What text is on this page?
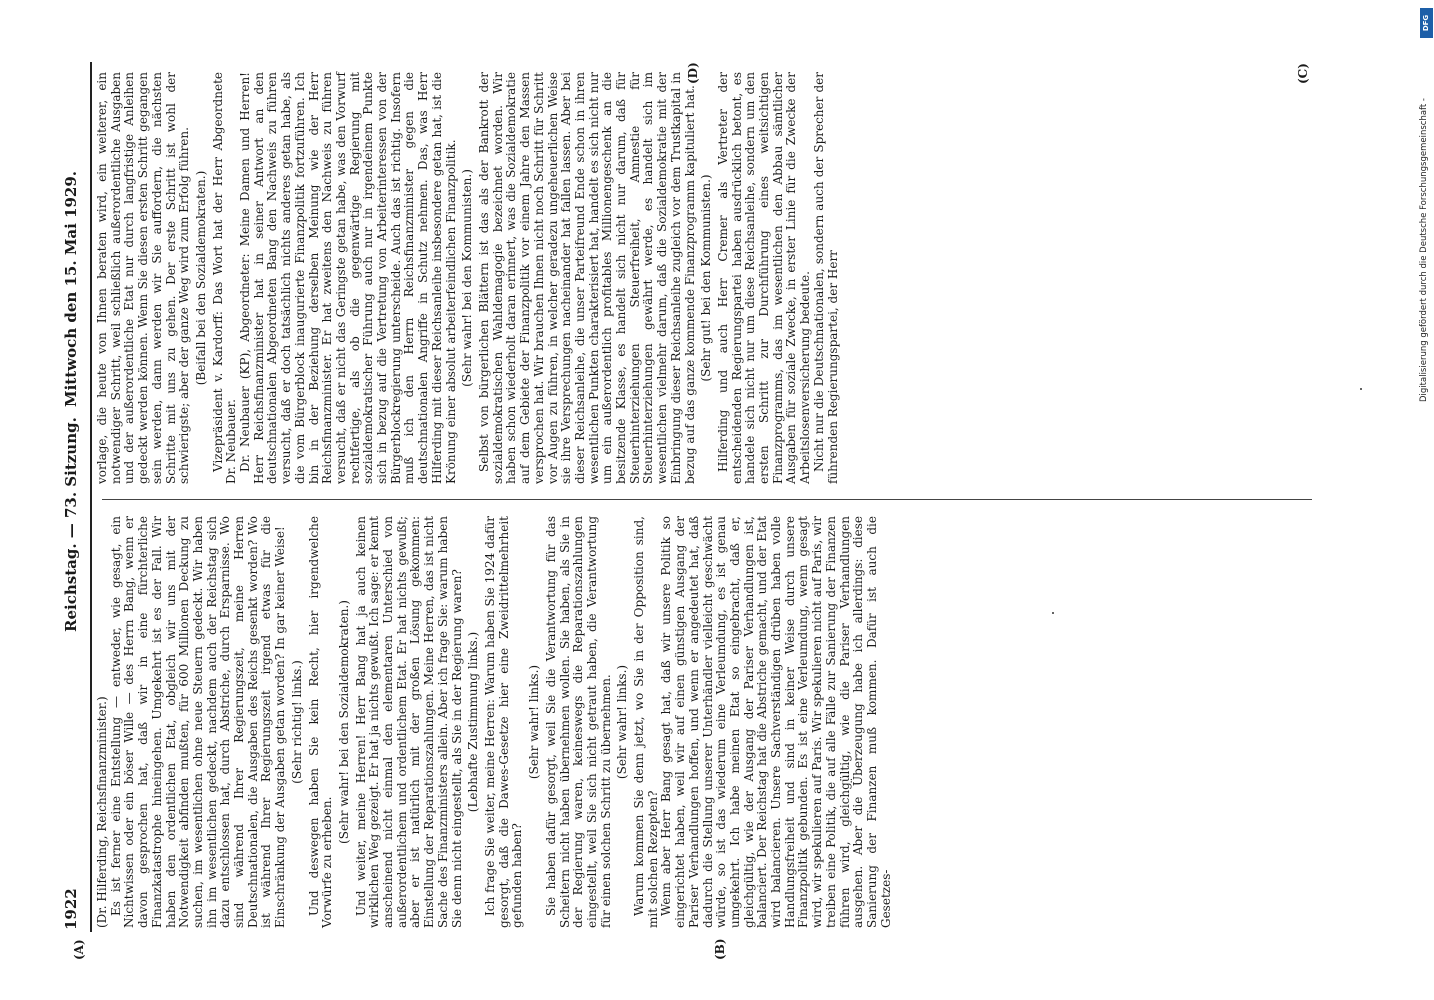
1922
Reichstag. — 73. Sitzung.
Mittwoch den 15. Mai 1929.

(Dr. Hilferding, Reichsfinanzminister.) Es ist ferner eine Entstellung — entweder, wie gesagt, ein Nichtwissen oder ein böser Wille — des Herrn Bang, wenn er davon gesprochen hat, daß wir in eine fürchterliche Finanzkatastrophe hineingehen. Umgekehrt ist es der Fall. Wir haben den ordentlichen Etat, obgleich wir uns mit der Notwendigkeit abfinden mußten, für 600 Millionen Deckung zu suchen, im wesentlichen ohne neue Steuern gedeckt. Wir haben ihn im wesentlichen gedeckt, nachdem auch der Reichstag sich dazu entschlossen hat, durch Abstriche, durch Ersparnisse. Wo sind während Ihrer Regierungszeit, meine Herren Deutschnationalen, die Ausgaben des Reichs gesenkt worden? Wo ist während Ihrer Regierungszeit irgend etwas für die Einschränkung der Ausgaben getan worden? In gar keiner Weise! (Sehr richtig! links.) Und deswegen haben Sie kein Recht, hier irgendwelche Vorwürfe zu erheben.

(Sehr wahr! bei den Sozialdemokraten.) Und weiter, meine Herren! Herr Bang hat ja auch keinen wirklichen Weg gezeigt. Er hat ja nichts gewußt. Ich sage: er kennt anscheinend nicht einmal den elementaren Unterschied von außerordentlichem und ordentlichem Etat. Er hat nichts gewußt; aber er ist natürlich mit der großen Lösung gekommen: Einstellung der Reparationszahlungen. Meine Herren, das ist nicht Sache des Finanzministers allein. Aber ich frage Sie: warum haben Sie denn nicht eingestellt, als Sie in der Regierung waren? (Lebhafte Zustimmung links.) Ich frage Sie weiter, meine Herren: Warum haben Sie 1924 dafür gesorgt, daß die Dawes-Gesetze hier eine Zweidrittelmehrheit gefunden haben?

(Sehr wahr! links.) Sie haben dafür gesorgt, weil Sie die Verantwortung für das Scheitern nicht haben übernehmen wollen. Sie haben, als Sie in der Regierung waren, keineswegs die Reparationszahlungen eingestellt, weil Sie sich nicht getraut haben, die Verantwortung für einen solchen Schritt zu übernehmen. (Sehr wahr! links.) Warum kommen Sie denn jetzt, wo Sie in der Opposition sind, mit solchen Rezepten? Wenn aber Herr Bang gesagt hat, daß wir unsere Politik so eingerichtet haben, weil wir auf einen günstigen Ausgang der Pariser Verhandlungen hoffen, und wenn er angedeutet hat, daß dadurch die Stellung unserer Unterhändler vielleicht geschwächt würde, so ist das wiederum eine Verleumdung, es ist genau umgekehrt. Ich habe meinen Etat so eingebracht, daß er, gleichgültig, wie der Ausgang der Pariser Verhandlungen ist, balanciert. Der Reichstag hat die Abstriche gemacht, und der Etat wird balancieren. Unsere Sachverständigen drüben haben volle Handlungsfreiheit und sind in keiner Weise durch unsere Finanzpolitik gebunden. Es ist eine Verleumdung, wenn gesagt wird, wir spekulieren auf Paris. Wir spekulieren nicht auf Paris, wir treiben eine Politik, die auf alle Fälle zur Sanierung der Finanzen führen wird, gleichgültig, wie die Pariser Verhandlungen ausgehen. Aber die Überzeugung habe ich allerdings: diese Sanierung der Finanzen muß kommen. Dafür ist auch die Gesetzes-

vorlage, die heute von Ihnen beraten wird, ein weiterer, ein notwendiger Schritt, weil schließlich außerordentliche Ausgaben und der außerordentliche Etat nur durch langfristige Anleihen gedeckt werden können. Wenn Sie diesen ersten Schritt gegangen sein werden, dann werden wir Sie auffordern, die nächsten Schritte mit uns zu gehen. Der erste Schritt ist wohl der schwierigste; aber der ganze Weg wird zum Erfolg führen. (Beifall bei den Sozialdemokraten.) Vizepräsident v. Kardorff: Das Wort hat der Herr Abgeordnete Dr. Neubauer. Dr. Neubauer (KP), Abgeordneter: Meine Damen und Herren! Herr Reichsfinanzminister hat in seiner Antwort an den deutschnationalen Abgeordneten Bang den Nachweis zu führen versucht, daß er doch tatsächlich nichts anderes getan habe, als die vom Bürgerblock inaugurierte Finanzpolitik fortzuführen. Ich bin in der Beziehung derselben Meinung wie der Herr Reichsfinanzminister. Er hat zweitens den Nachweis zu führen versucht, daß er nicht das Geringste getan habe, was den Vorwurf rechtfertige, als ob die gegenwärtige Regierung mit sozialdemokratischer Führung auch nur in irgendeinem Punkte sich in bezug auf die Vertretung von Arbeiterinteressen von der Bürgerblockregierung unterscheide. Auch das ist richtig. Insofern muß ich den Herrn Reichsfinanzminister gegen die deutschnationalen Angriffe in Schutz nehmen. Das, was Herr Hilferding mit dieser Reichsanleihe insbesondere getan hat, ist die Krönung einer absolut arbeiterfeindlichen Finanzpolitik. (Sehr wahr! bei den Kommunisten.) Selbst von bürgerlichen Blättern ist das als der Bankrott der sozialdemokratischen Wahldemagogie bezeichnet worden. Wir haben schon wiederholt daran erinnert, was die Sozialdemokratie auf dem Gebiete der Finanzpolitik vor einem Jahre den Massen versprochen hat. Wir brauchen Ihnen nicht noch Schritt für Schritt vor Augen zu führen, in welcher geradezu ungeheuerlichen Weise sie ihre Versprechungen nacheinander hat fallen lassen. Aber bei dieser Reichsanleihe, die unser Parteifreund Ende schon in ihren wesentlichen Punkten charakterisiert hat, handelt es sich nicht nur um ein außerordentlich profitables Millionengeschenk an die besitzende Klasse, es handelt sich nicht nur darum, daß für Steuerhinterziehungen Steuerfreiheit, Amnestie für Steuerhinterziehungen gewährt werde, es handelt sich im wesentlichen vielmehr darum, daß die Sozialdemokratie mit der Einbringung dieser Reichsanleihe zugleich vor dem Trustkapital in bezug auf das ganze kommende Finanzprogramm kapituliert hat. (Sehr gut! bei den Kommunisten.) Hilferding und auch Herr Cremer als Vertreter der entscheidenden Regierungspartei haben ausdrücklich betont, es handele sich nicht nur um diese Reichsanleihe, sondern um den ersten Schritt zur Durchführung eines weitsichtigen Finanzprogramms, das im wesentlichen den Abbau sämtlicher Ausgaben für soziale Zwecke, in erster Linie für die Zwecke der Arbeitslosenversicherung bedeute. Nicht nur die Deutschnationalen, sondern auch der Sprecher der führenden Regierungspartei, der Herr

(A)	(B)
(C)
(D)
DFG
Digitalisierung gefördert durch die Deutsche Forschungsgemeinschaft -
